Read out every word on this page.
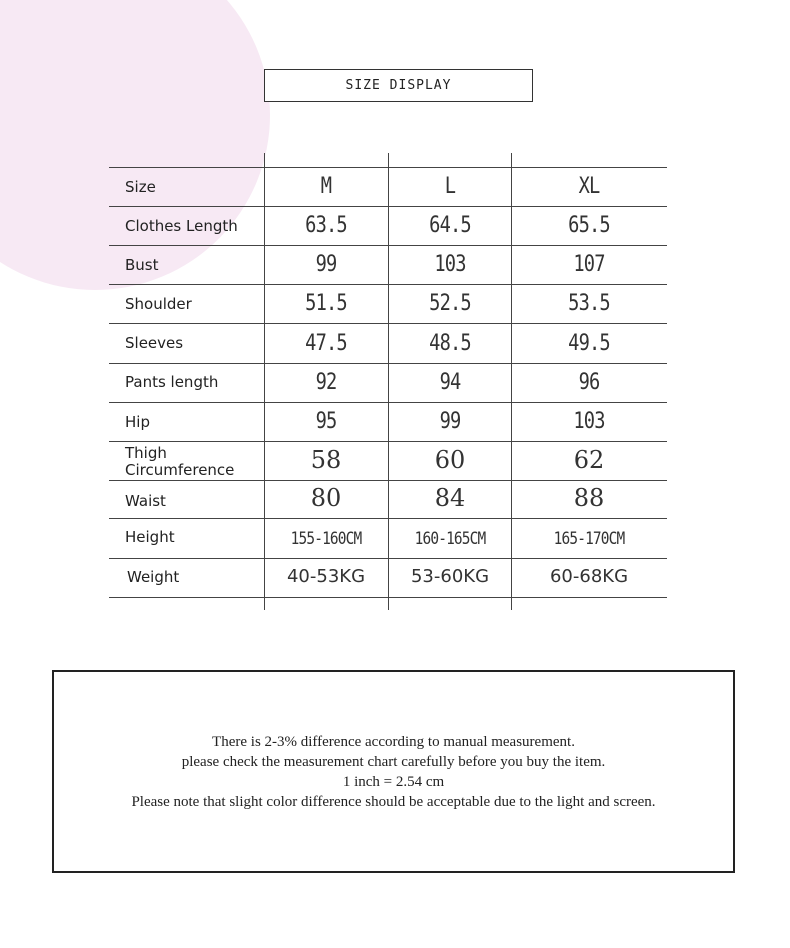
SIZE DISPLAY
Size	M	L	XL
Clothes Length	63.5	64.5	65.5
Bust	99	103	107
Shoulder	51.5	52.5	53.5
Sleeves	47.5	48.5	49.5
Pants length	92	94	96
Hip	95	99	103
Thigh
Circumference	58	60	62
Waist	80	84	88
Height	155-160CM	160-165CM	165-170CM
Weight	40-53KG	53-60KG	60-68KG
There is 2-3% difference according to manual measurement.
please check the measurement chart carefully before you buy the item.
1 inch = 2.54 cm
Please note that slight color difference should be acceptable due to the light and screen.
